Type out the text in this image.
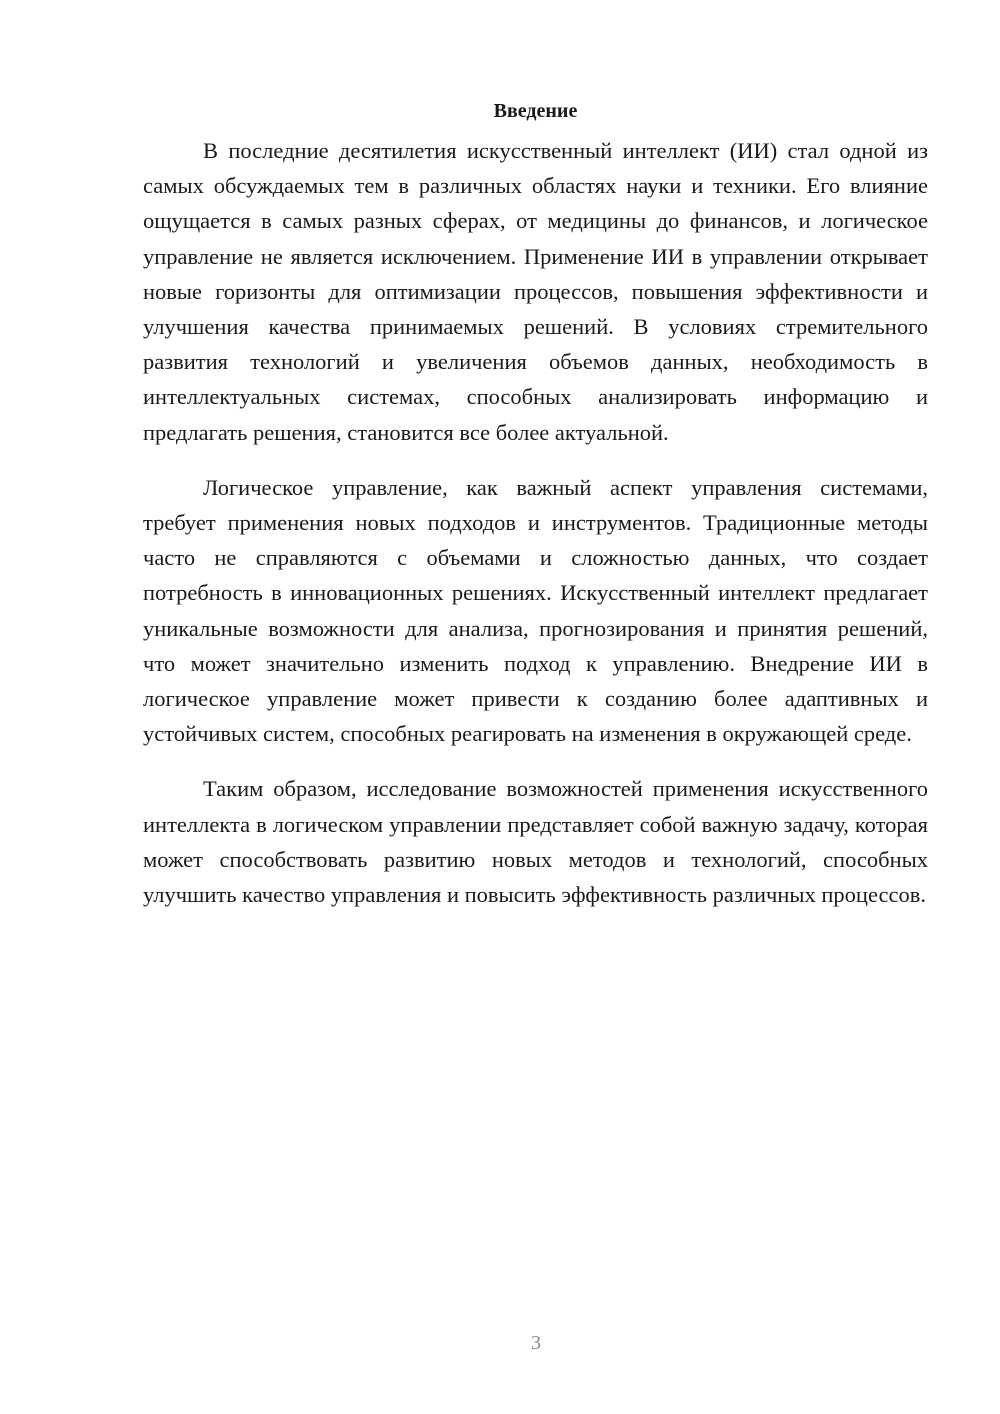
Введение

В последние десятилетия искусственный интеллект (ИИ) стал одной из самых обсуждаемых тем в различных областях науки и техники. Его влияние ощущается в самых разных сферах, от медицины до финансов, и логическое управление не является исключением. Применение ИИ в управлении открывает новые горизонты для оптимизации процессов, повышения эффективности и улучшения качества принимаемых решений. В условиях стремительного развития технологий и увеличения объемов данных, необходимость в интеллектуальных системах, способных анализировать информацию и предлагать решения, становится все более актуальной.

Логическое управление, как важный аспект управления системами, требует применения новых подходов и инструментов. Традиционные методы часто не справляются с объемами и сложностью данных, что создает потребность в инновационных решениях. Искусственный интеллект предлагает уникальные возможности для анализа, прогнозирования и принятия решений, что может значительно изменить подход к управлению. Внедрение ИИ в логическое управление может привести к созданию более адаптивных и устойчивых систем, способных реагировать на изменения в окружающей среде.

Таким образом, исследование возможностей применения искусственного интеллекта в логическом управлении представляет собой важную задачу, которая может способствовать развитию новых методов и технологий, способных улучшить качество управления и повысить эффективность различных процессов.

3
